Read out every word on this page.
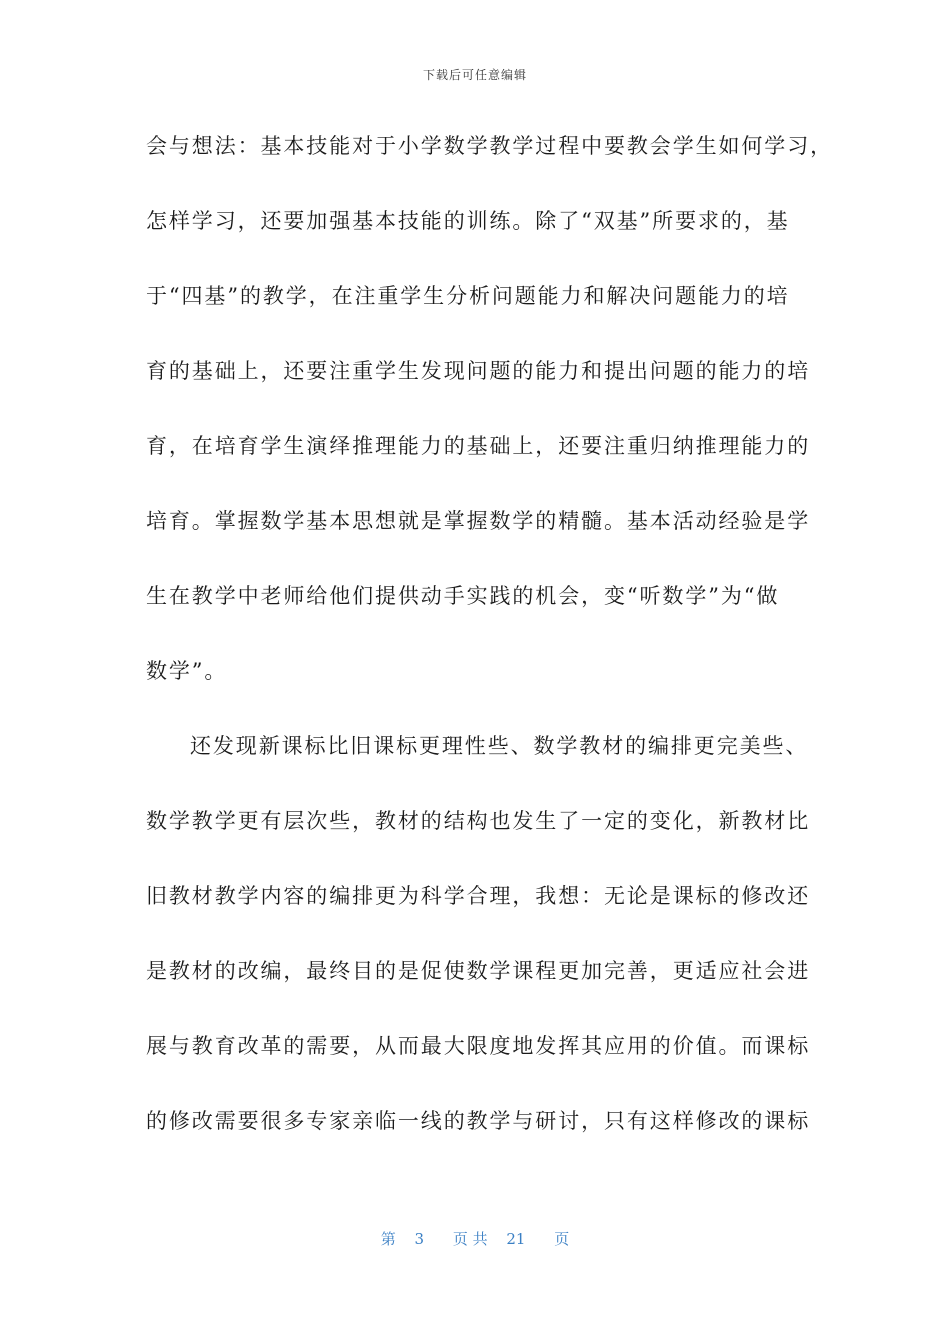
下载后可任意编辑
会与想法：基本技能对于小学数学教学过程中要教会学生如何学习，
怎样学习，还要加强基本技能的训练。除了“双基”所要求的，基
于“四基”的教学，在注重学生分析问题能力和解决问题能力的培
育的基础上，还要注重学生发现问题的能力和提出问题的能力的培
育，在培育学生演绎推理能力的基础上，还要注重归纳推理能力的
培育。掌握数学基本思想就是掌握数学的精髓。基本活动经验是学
生在教学中老师给他们提供动手实践的机会，变“听数学”为“做
数学”。
还发现新课标比旧课标更理性些、数学教材的编排更完美些、
数学教学更有层次些，教材的结构也发生了一定的变化，新教材比
旧教材教学内容的编排更为科学合理，我想：无论是课标的修改还
是教材的改编，最终目的是促使数学课程更加完善，更适应社会进
展与教育改革的需要，从而最大限度地发挥其应用的价值。而课标
的修改需要很多专家亲临一线的教学与研讨，只有这样修改的课标
第 3 页 共 21 页
